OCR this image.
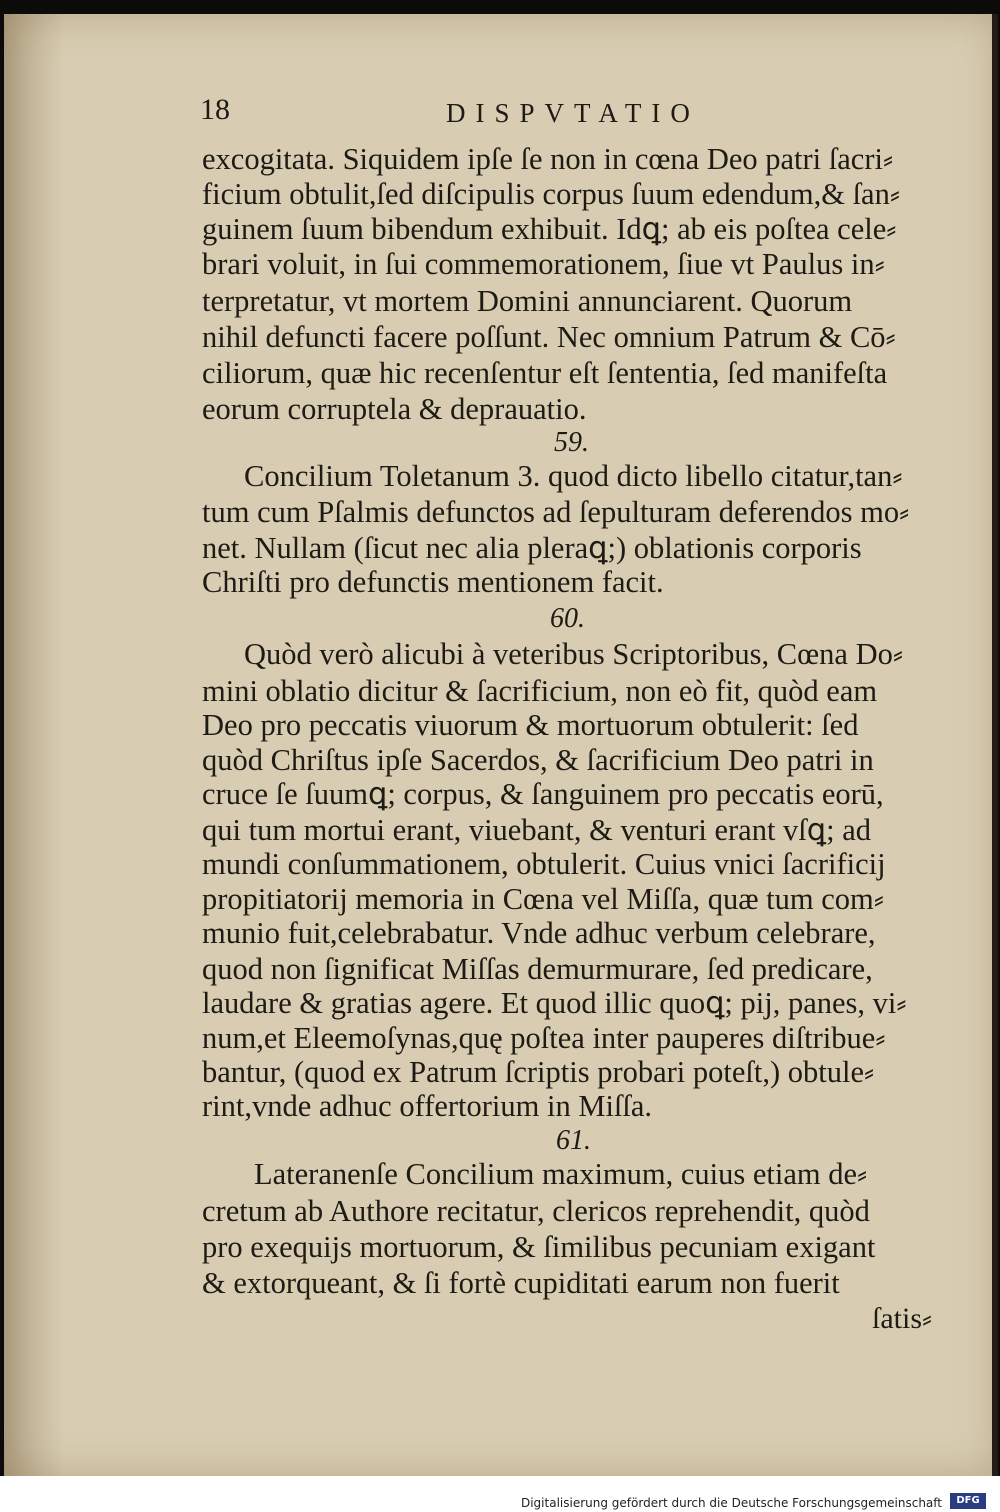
18	DISPVTATIO
excogitata. Siquidem ipſe ſe non in cœna Deo patri ſacri⸗
ficium obtulit,ſed diſcipulis corpus ſuum edendum,& ſan⸗
guinem ſuum bibendum exhibuit. Idꝗ; ab eis poſtea cele⸗
brari voluit, in ſui commemorationem, ſiue vt Paulus in⸗
terpretatur, vt mortem Domini annunciarent. Quorum
nihil defuncti facere poſſunt. Nec omnium Patrum & Cō⸗
ciliorum, quæ hic recenſentur eſt ſententia, ſed manifeſta
eorum corruptela & deprauatio.
59.
Concilium Toletanum 3. quod dicto libello citatur,tan⸗
tum cum Pſalmis defunctos ad ſepulturam deferendos mo⸗
net. Nullam (ſicut nec alia pleraꝗ;) oblationis corporis
Chriſti pro defunctis mentionem facit.
60.
Quòd verò alicubi à veteribus Scriptoribus, Cœna Do⸗
mini oblatio dicitur & ſacrificium, non eò fit, quòd eam
Deo pro peccatis viuorum & mortuorum obtulerit: ſed
quòd Chriſtus ipſe Sacerdos, & ſacrificium Deo patri in
cruce ſe ſuumꝗ; corpus, & ſanguinem pro peccatis eorū,
qui tum mortui erant, viuebant, & venturi erant vſꝗ; ad
mundi conſummationem, obtulerit. Cuius vnici ſacrificij
propitiatorij memoria in Cœna vel Miſſa, quæ tum com⸗
munio fuit,celebrabatur. Vnde adhuc verbum celebrare,
quod non ſignificat Miſſas demurmurare, ſed predicare,
laudare & gratias agere. Et quod illic quoꝗ; pij, panes, vi⸗
num,et Eleemoſynas,quę poſtea inter pauperes diſtribue⸗
bantur, (quod ex Patrum ſcriptis probari poteſt,) obtule⸗
rint,vnde adhuc offertorium in Miſſa.
61.
Lateranenſe Concilium maximum, cuius etiam de⸗
cretum ab Authore recitatur, clericos reprehendit, quòd
pro exequijs mortuorum, & ſimilibus pecuniam exigant
& extorqueant, & ſi fortè cupiditati earum non fuerit
ſatis⸗
Digitalisierung gefördert durch die Deutsche Forschungsgemeinschaft	DFG
